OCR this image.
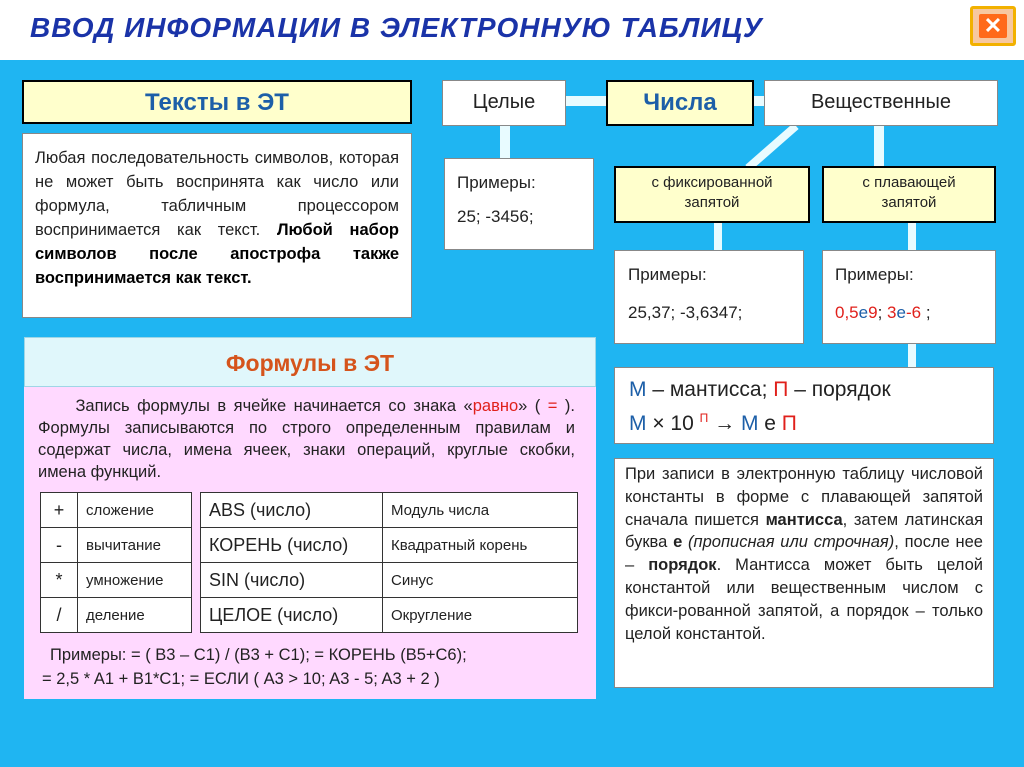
ВВОД ИНФОРМАЦИИ В ЭЛЕКТРОННУЮ ТАБЛИЦУ	✕
Тексты в ЭТ
Любая последовательность символов, которая не может быть воспринята как число или формула, табличным процессором воспринимается как текст. Любой набор символов после апострофа также воспринимается как текст.
Формулы в ЭТ
Запись формулы в ячейке начинается со знака «равно» ( = ). Формулы записываются по строго определенным правилам и содержат числа, имена ячеек, знаки операций, круглые скобки, имена функций.
+	сложение
-	вычитание
*	умножение
/	деление
ABS (число)	Модуль числа
КОРЕНЬ (число)	Квадратный корень
SIN (число)	Синус
ЦЕЛОЕ (число)	Округление
Примеры: = ( B3 – C1) / (B3 + C1); = КОРЕНЬ (B5+C6);
= 2,5 * A1 + B1*C1; = ЕСЛИ ( A3 > 10; A3 - 5; A3 + 2 )
Целые	Числа	Вещественные
Примеры:
25; -3456;
с фиксированной
запятой
с плавающей
запятой
Примеры:
25,37; -3,6347;
Примеры:
0,5е9; 3е-6 ;
M – мантисса; П – порядок
M × 10 $^П$ → M е П
При записи в электронную таблицу числовой константы в форме с плавающей запятой сначала пишется мантисса, затем латинская буква е (прописная или строчная), после нее – порядок. Мантисса может быть целой константой или вещественным числом с фикси-рованной запятой, а порядок – только целой константой.
